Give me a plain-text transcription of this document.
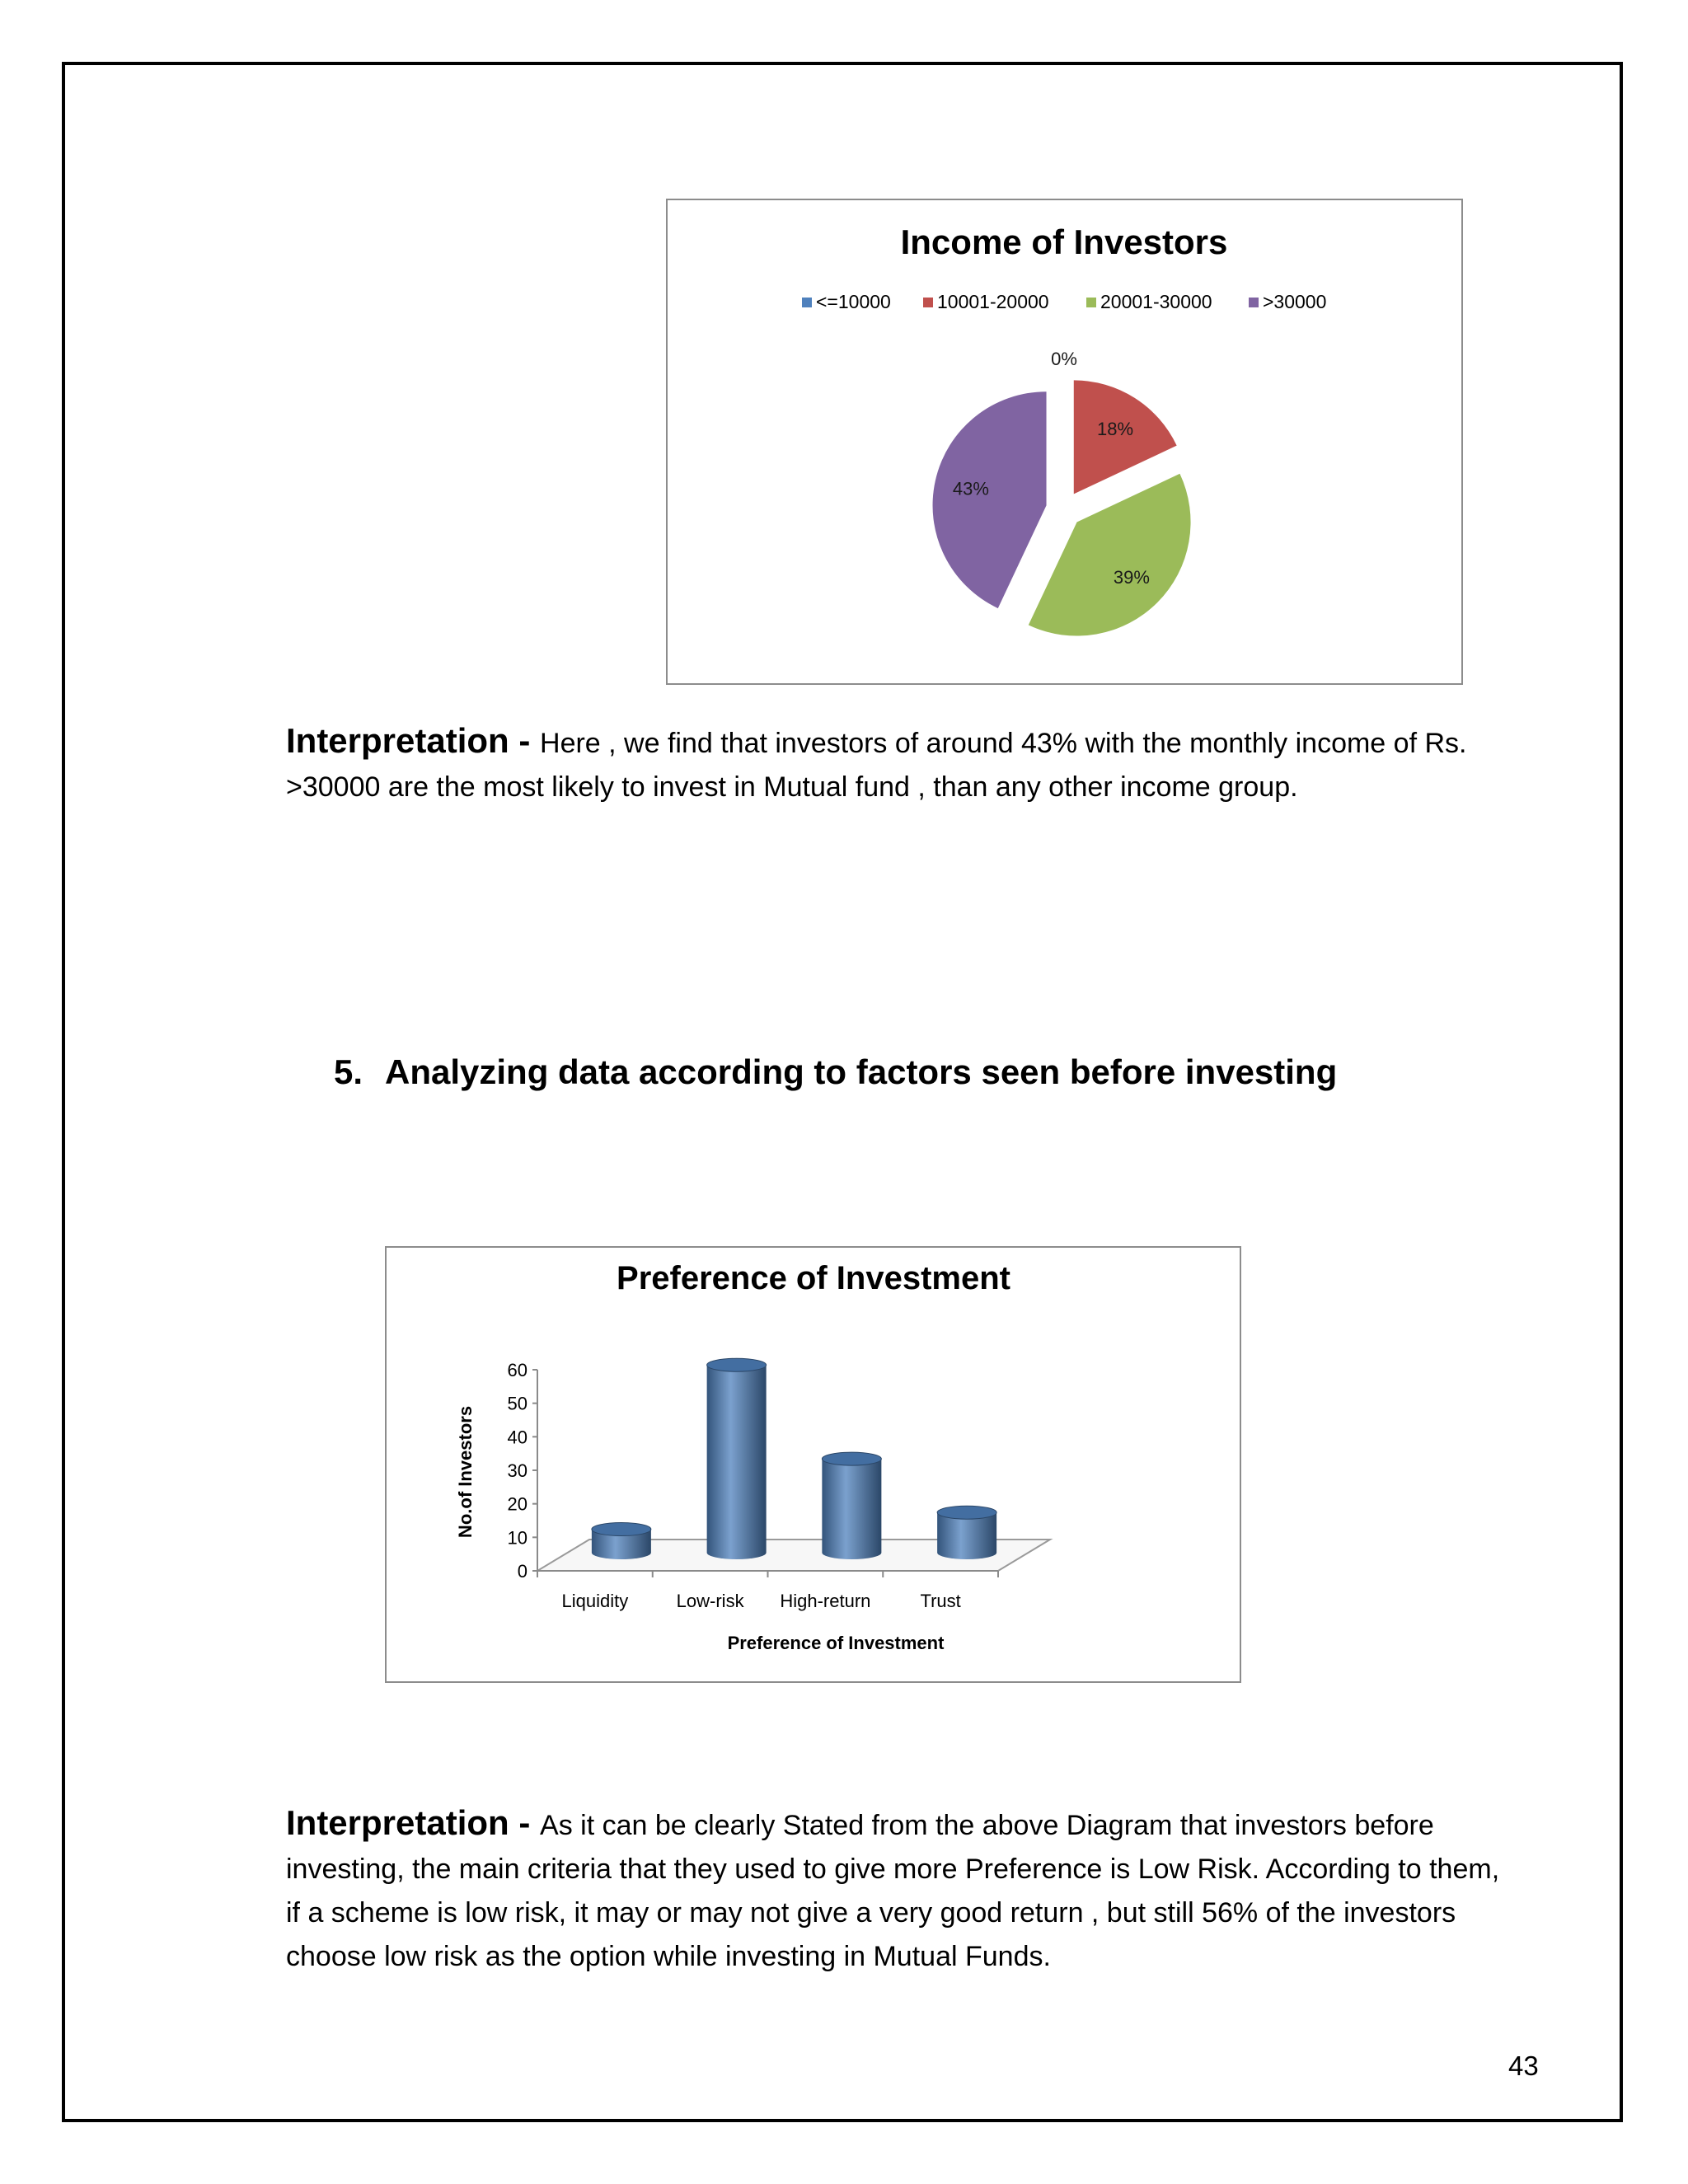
Income of Investors
<=10000 10001-20000	20001-30000	>30000
0%
18%
39%
43%
Interpretation - Here , we find that investors of around 43% with the monthly income of Rs.
>30000 are the most likely to invest in Mutual fund , than any other income group.
5. Analyzing data according to factors seen before investing
Preference of Investment
No.of Investors
Preference of Investment
0
10
20
30
40
50
60
Liquidity	Low-risk High-return	Trust
Interpretation - As it can be clearly Stated from the above Diagram that investors before
investing, the main criteria that they used to give more Preference is Low Risk. According to them,
if a scheme is low risk, it may or may not give a very good return , but still 56% of the investors
choose low risk as the option while investing in Mutual Funds.
43
